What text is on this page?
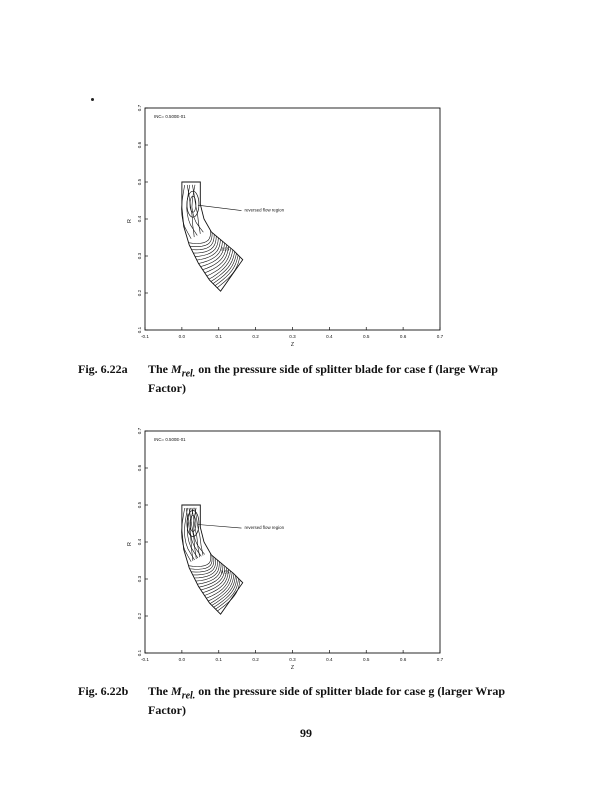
-0.1	0.0	0.1	0.2	0.3	0.4	0.5	0.6	0.7
0.1
0.2
0.3
0.4
0.5
0.6
0.7
Z
R
INC= 0.500E-01
reversed flow region
0.55
Fig. 6.22a The $M_{rel.}$ on the pressure side of splitter blade for case f (large Wrap Factor)
-0.1	0.0	0.1	0.2	0.3	0.4	0.5	0.6	0.7
0.1
0.2
0.3
0.4
0.5
0.6
0.7
Z
R
INC= 0.500E-01
reversed flow region
0.55
Fig. 6.22b The $M_{rel.}$ on the pressure side of splitter blade for case g (larger Wrap Factor)
99
